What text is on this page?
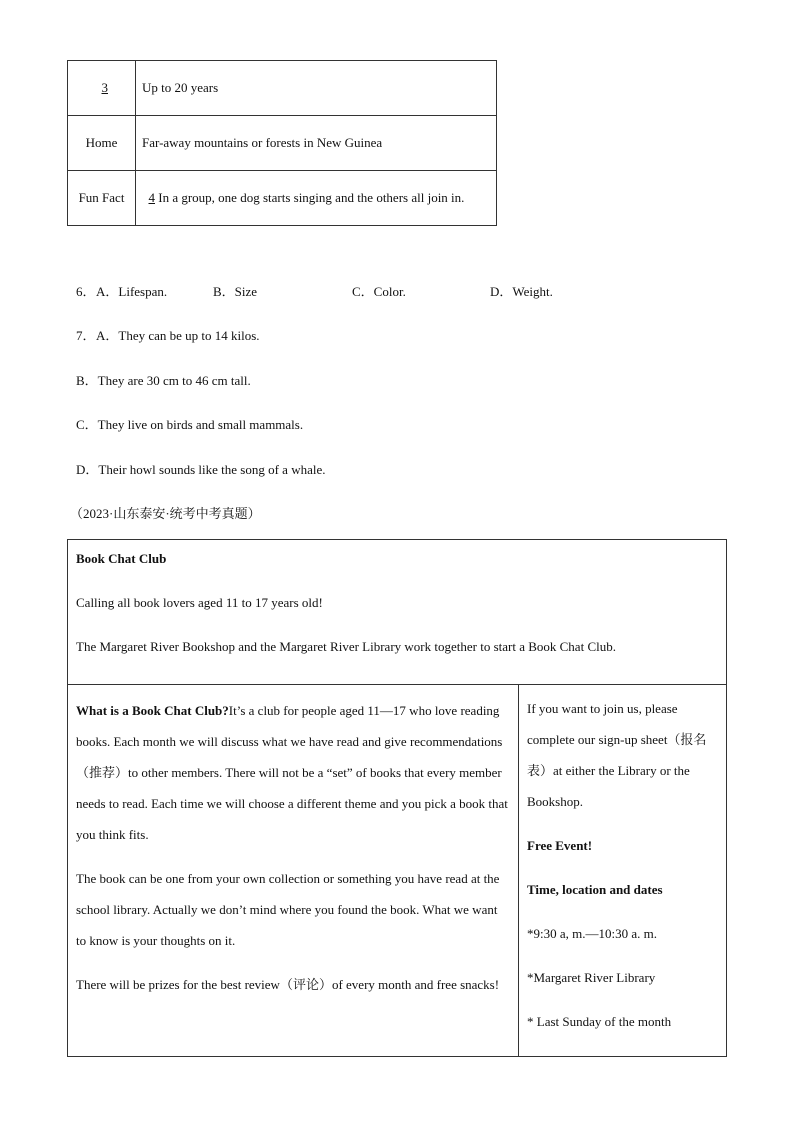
3	Up to 20 years
Home	Far-away mountains or forests in New Guinea
Fun Fact	4 In a group, one dog starts singing and the others all join in.
6． A．Lifespan.	B．Size	C．Color.	D．Weight.
7． A．They can be up to 14 kilos.
B．They are 30 cm to 46 cm tall.
C．They live on birds and small mammals.
D．Their howl sounds like the song of a whale.
（2023·山东泰安·统考中考真题）

Book Chat Club

Calling all book lovers aged 11 to 17 years old!

The Margaret River Bookshop and the Margaret River Library work together to start a Book Chat Club.

What is a Book Chat Club?It’s a club for people aged 11—17 who love reading books. Each month we will discuss what we have read and give recommendations（推荐）to other members. There will not be a “set” of books that every member needs to read. Each time we will choose a different theme and you pick a book that you think fits.

The book can be one from your own collection or something you have read at the school library. Actually we don’t mind where you found the book. What we want to know is your thoughts on it.

There will be prizes for the best review（评论）of every month and free snacks!

If you want to join us, please complete our sign-up sheet（报名表）at either the Library or the Bookshop.

Free Event!

Time, location and dates

*9:30 a, m.—10:30 a. m.

*Margaret River Library

* Last Sunday of the month
